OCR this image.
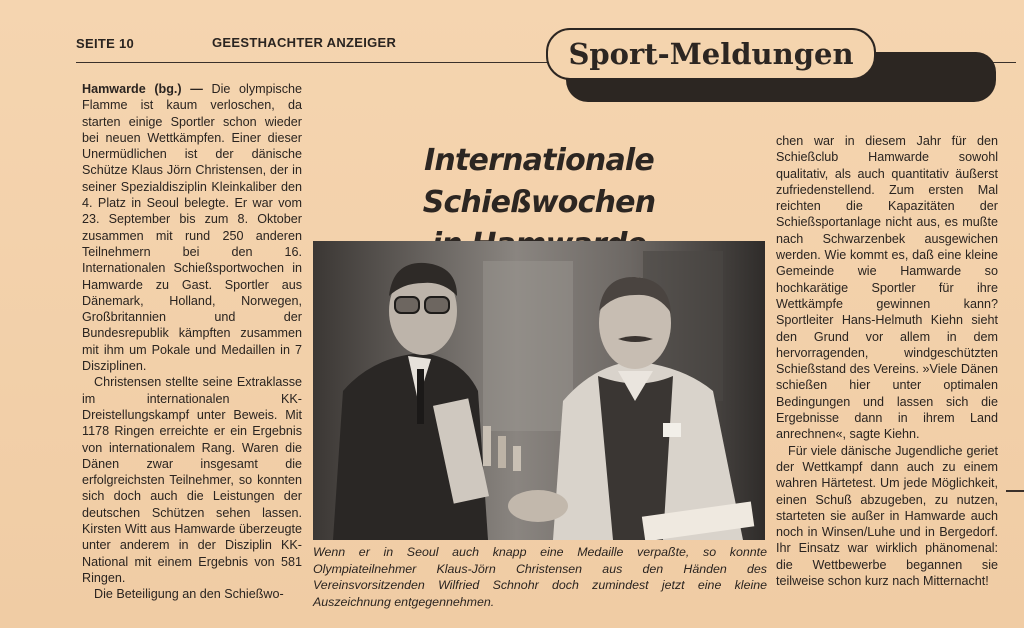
SEITE 10	GEESTHACHTER ANZEIGER	Sport-Meldungen

Hamwarde (bg.) — Die olympische Flamme ist kaum verloschen, da starten einige Sportler schon wieder bei neuen Wettkämpfen. Einer dieser Unermüdlichen ist der dänische Schütze Klaus Jörn Christensen, der in seiner Spezialdisziplin Kleinkaliber den 4. Platz in Seoul belegte. Er war vom 23. September bis zum 8. Oktober zusammen mit rund 250 anderen Teilnehmern bei den 16. Internationalen Schießsportwochen in Hamwarde zu Gast. Sportler aus Dänemark, Holland, Norwegen, Großbritannien und der Bundesrepublik kämpften zusammen mit ihm um Pokale und Medaillen in 7 Disziplinen.

Christensen stellte seine Extraklasse im internationalen KK-Dreistellungskampf unter Beweis. Mit 1178 Ringen erreichte er ein Ergebnis von internationalem Rang. Waren die Dänen zwar insgesamt die erfolgreichsten Teilnehmer, so konnten sich doch auch die Leistungen der deutschen Schützen sehen lassen. Kirsten Witt aus Hamwarde überzeugte unter anderem in der Disziplin KK-National mit einem Ergebnis von 581 Ringen.

Die Beteiligung an den Schießwo-

Internationale Schießwochen
Wenn er in Seoul auch knapp eine Medaille verpaßte, so konnte Olympiateilnehmer Klaus-Jörn Christensen aus den Händen des Vereinsvorsitzenden Wilfried Schnohr doch zumindest jetzt eine kleine Auszeichnung entgegennehmen.

chen war in diesem Jahr für den Schießclub Hamwarde sowohl qualitativ, als auch quantitativ äußerst zufriedenstellend. Zum ersten Mal reichten die Kapazitäten der Schießsportanlage nicht aus, es mußte nach Schwarzenbek ausgewichen werden. Wie kommt es, daß eine kleine Gemeinde wie Hamwarde so hochkarätige Sportler für ihre Wettkämpfe gewinnen kann? Sportleiter Hans-Helmuth Kiehn sieht den Grund vor allem in dem hervorragenden, windgeschützten Schießstand des Vereins. »Viele Dänen schießen hier unter optimalen Bedingungen und lassen sich die Ergebnisse dann in ihrem Land anrechnen«, sagte Kiehn.

Für viele dänische Jugendliche geriet der Wettkampf dann auch zu einem wahren Härtetest. Um jede Möglichkeit, einen Schuß abzugeben, zu nutzen, starteten sie außer in Hamwarde auch noch in Winsen/Luhe und in Bergedorf. Ihr Einsatz war wirklich phänomenal: die Wettbewerbe begannen sie teilweise schon kurz nach Mitternacht!
